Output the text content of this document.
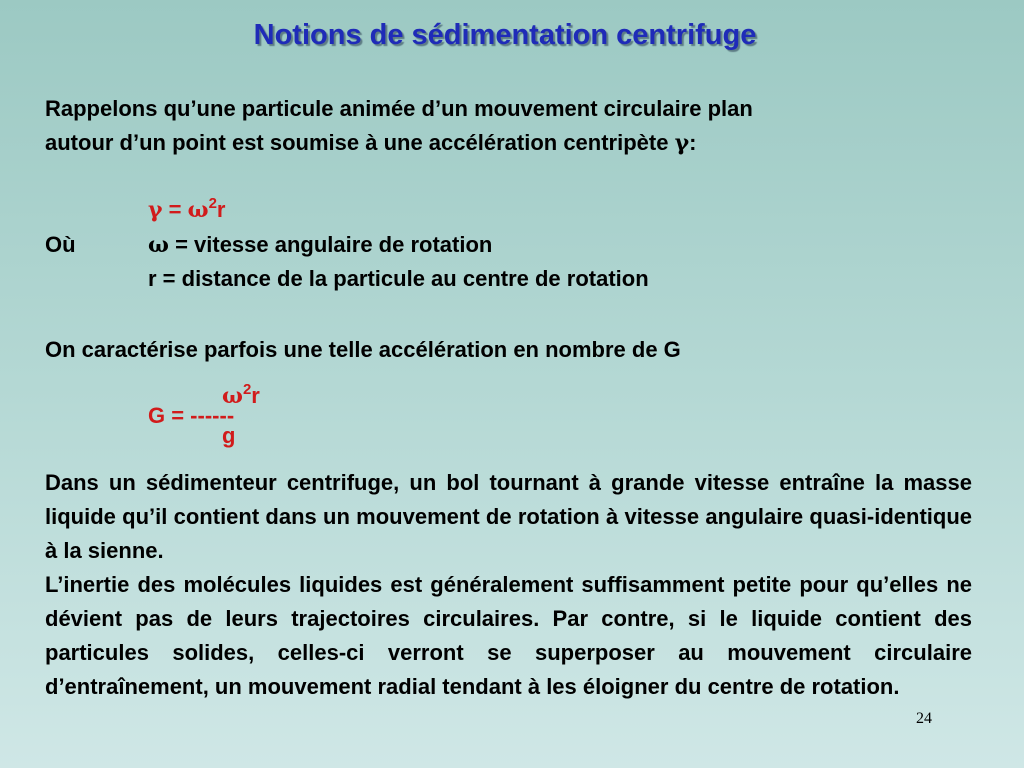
Notions de sédimentation centrifuge
Rappelons qu’une particule animée d’un mouvement circulaire plan
autour d’un point est soumise à une accélération centripète γ:
$\gamma = \omega^2r$
Où	ω = vitesse angulaire de rotation
r = distance de la particule au centre de rotation
On caractérise parfois une telle accélération en nombre de G
$\omega^2r$
G = ------
g

Dans un sédimenteur centrifuge, un bol tournant à grande vitesse entraîne la masse liquide qu’il contient dans un mouvement de rotation à vitesse angulaire quasi-identique à la sienne.

L’inertie des molécules liquides est généralement suffisamment petite pour qu’elles ne dévient pas de leurs trajectoires circulaires. Par contre, si le liquide contient des particules solides, celles-ci verront se superposer au mouvement circulaire d’entraînement, un mouvement radial tendant à les éloigner du centre de rotation.

24
